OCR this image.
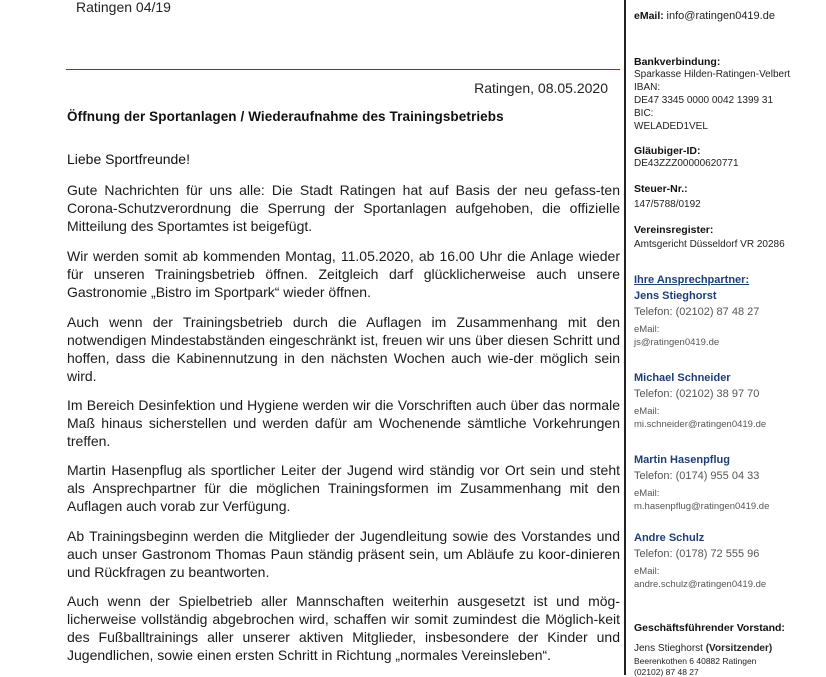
Ratingen 04/19
Ratingen, 08.05.2020
Öffnung der Sportanlagen / Wiederaufnahme des Trainingsbetriebs
Liebe Sportfreunde!

Gute Nachrichten für uns alle: Die Stadt Ratingen hat auf Basis der neu gefass-ten Corona-Schutzverordnung die Sperrung der Sportanlagen aufgehoben, die offizielle Mitteilung des Sportamtes ist beigefügt.

Wir werden somit ab kommenden Montag, 11.05.2020, ab 16.00 Uhr die Anlage wieder für unseren Trainingsbetrieb öffnen. Zeitgleich darf glücklicherweise auch unsere Gastronomie „Bistro im Sportpark“ wieder öffnen.

Auch wenn der Trainingsbetrieb durch die Auflagen im Zusammenhang mit den notwendigen Mindestabständen eingeschränkt ist, freuen wir uns über diesen Schritt und hoffen, dass die Kabinennutzung in den nächsten Wochen auch wie-der möglich sein wird.

Im Bereich Desinfektion und Hygiene werden wir die Vorschriften auch über das normale Maß hinaus sicherstellen und werden dafür am Wochenende sämtliche Vorkehrungen treffen.

Martin Hasenpflug als sportlicher Leiter der Jugend wird ständig vor Ort sein und steht als Ansprechpartner für die möglichen Trainingsformen im Zusammenhang mit den Auflagen auch vorab zur Verfügung.

Ab Trainingsbeginn werden die Mitglieder der Jugendleitung sowie des Vorstandes und auch unser Gastronom Thomas Paun ständig präsent sein, um Abläufe zu koor-dinieren und Rückfragen zu beantworten.

Auch wenn der Spielbetrieb aller Mannschaften weiterhin ausgesetzt ist und mög-licherweise vollständig abgebrochen wird, schaffen wir somit zumindest die Möglich-keit des Fußballtrainings aller unserer aktiven Mitglieder, insbesondere der Kinder und Jugendlichen, sowie einen ersten Schritt in Richtung „normales Vereinsleben“.

eMail: info@ratingen0419.de
Bankverbindung:
Sparkasse Hilden-Ratingen-Velbert
IBAN:
DE47 3345 0000 0042 1399 31
BIC:
WELADED1VEL
Gläubiger-ID:
DE43ZZZ00000620771
Steuer-Nr.:
147/5788/0192
Vereinsregister:
Amtsgericht Düsseldorf VR 20286
Ihre Ansprechpartner:
Jens Stieghorst
Telefon: (02102) 87 48 27
eMail:
js@ratingen0419.de
Michael Schneider
Telefon: (02102) 38 97 70
eMail:
mi.schneider@ratingen0419.de
Martin Hasenpflug
Telefon: (0174) 955 04 33
eMail:
m.hasenpflug@ratingen0419.de
Andre Schulz
Telefon: (0178) 72 555 96
eMail:
andre.schulz@ratingen0419.de
Geschäftsführender Vorstand:
Jens Stieghorst (Vorsitzender)
Beerenkothen 6 40882 Ratingen
(02102) 87 48 27
